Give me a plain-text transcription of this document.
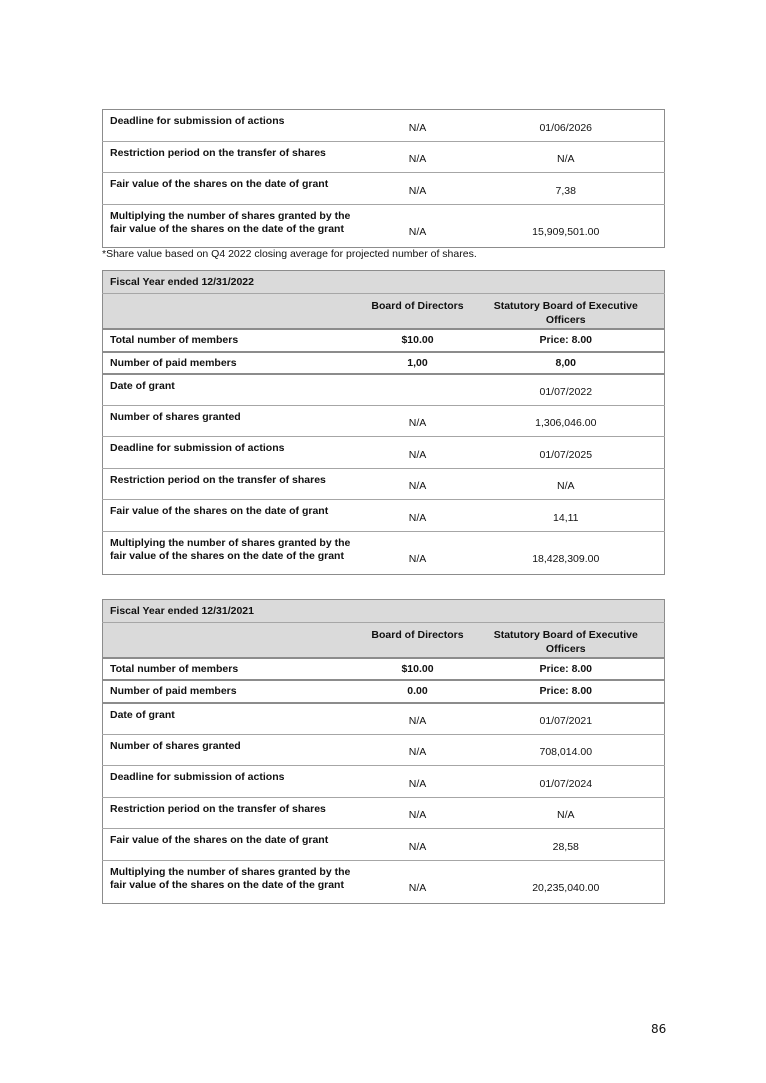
Deadline for submission of actions	N/A	01/06/2026
Restriction period on the transfer of shares	N/A	N/A
Fair value of the shares on the date of grant	N/A	7,38
Multiplying the number of shares granted by the
fair value of the shares on the date of the grant	N/A	15,909,501.00
*Share value based on Q4 2022 closing average for projected number of shares.
Fiscal Year ended 12/31/2022		
	Board of Directors	Statutory Board of Executive
Officers
Total number of members	$10.00	Price: 8.00
Number of paid members	1,00	8,00
Date of grant		01/07/2022
Number of shares granted	N/A	1,306,046.00
Deadline for submission of actions	N/A	01/07/2025
Restriction period on the transfer of shares	N/A	N/A
Fair value of the shares on the date of grant	N/A	14,11
Multiplying the number of shares granted by the
fair value of the shares on the date of the grant	N/A	18,428,309.00
Fiscal Year ended 12/31/2021		
	Board of Directors	Statutory Board of Executive
Officers
Total number of members	$10.00	Price: 8.00
Number of paid members	0.00	Price: 8.00
Date of grant	N/A	01/07/2021
Number of shares granted	N/A	708,014.00
Deadline for submission of actions	N/A	01/07/2024
Restriction period on the transfer of shares	N/A	N/A
Fair value of the shares on the date of grant	N/A	28,58
Multiplying the number of shares granted by the
fair value of the shares on the date of the grant	N/A	20,235,040.00
86
